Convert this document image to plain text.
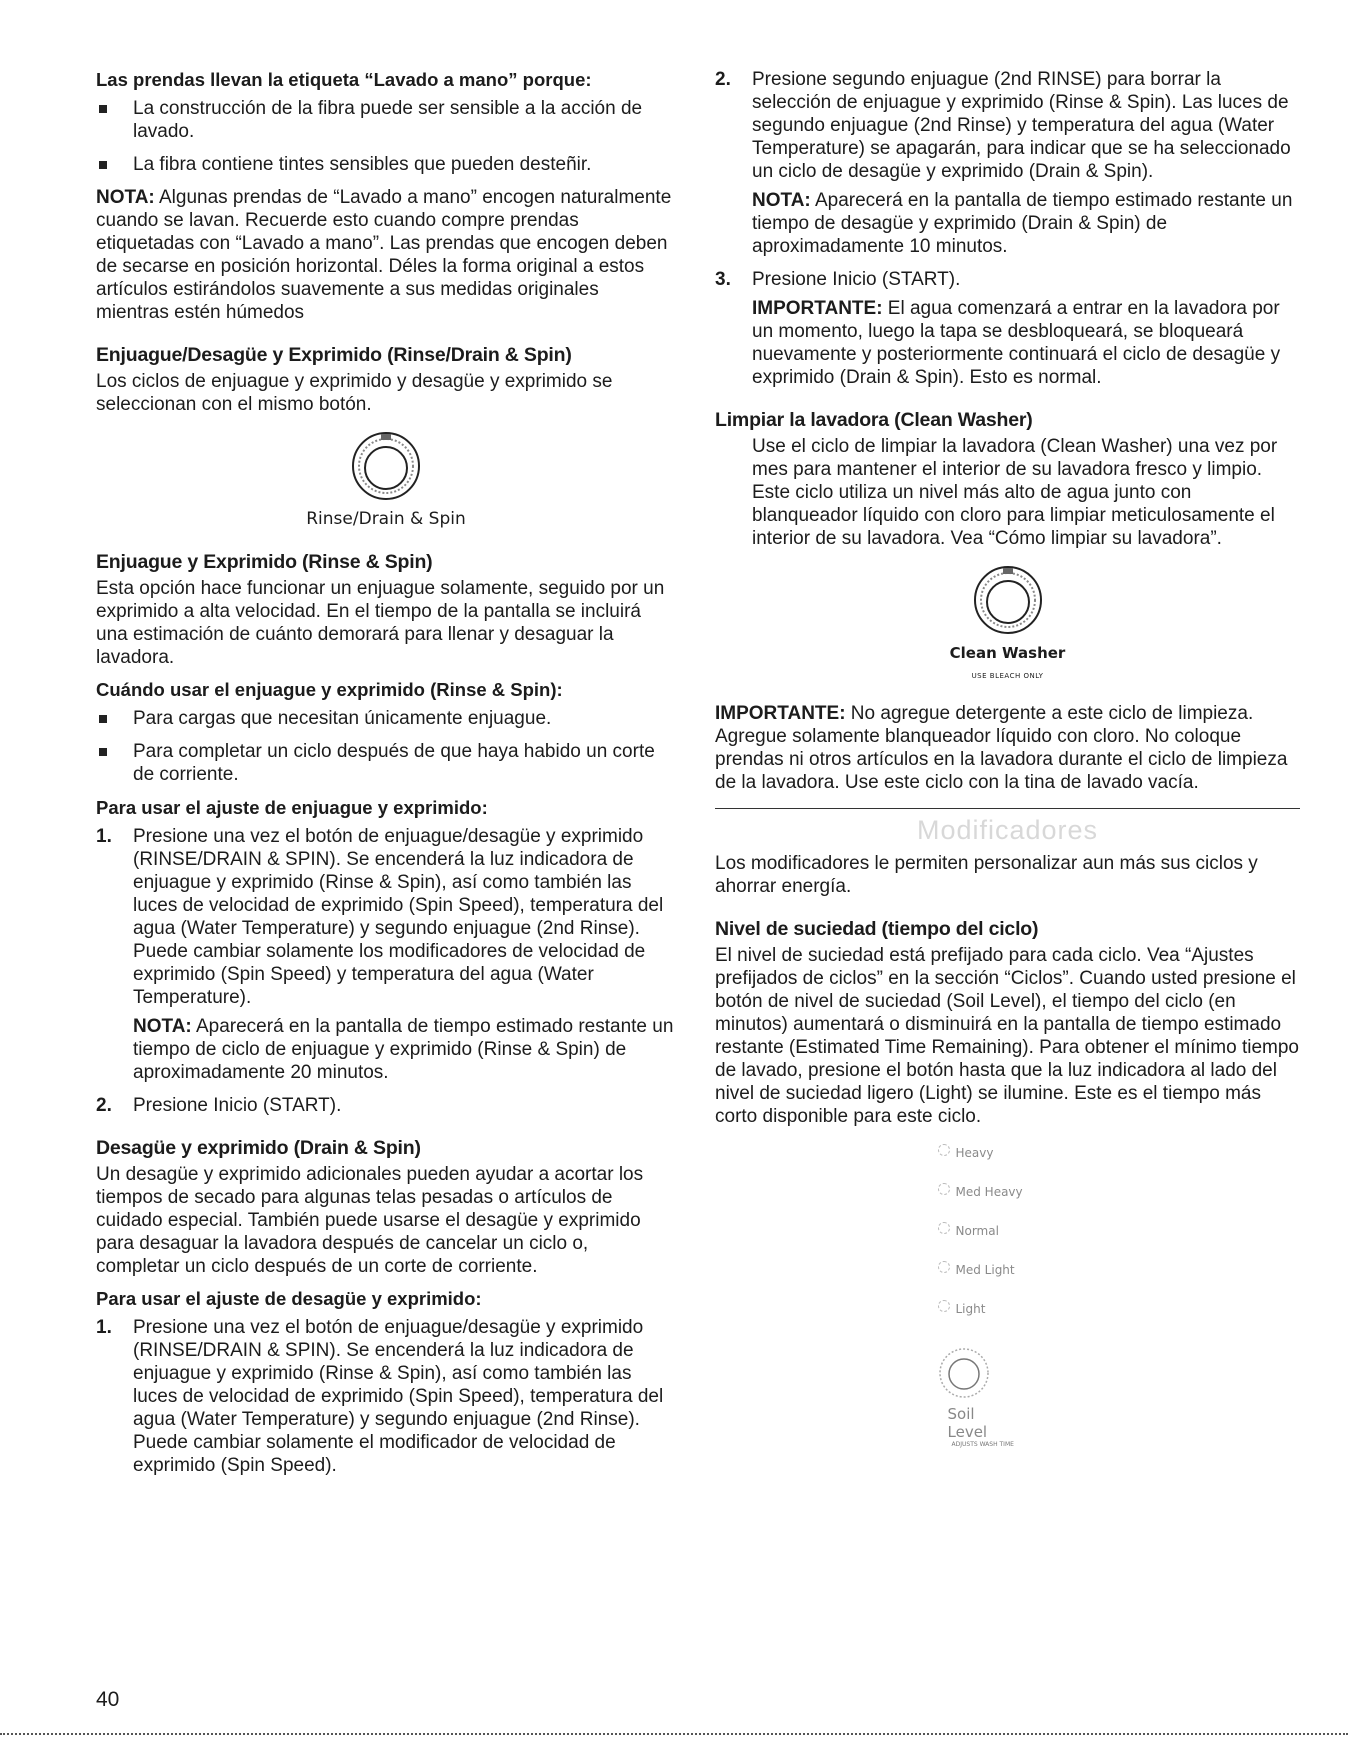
Las prendas llevan la etiqueta “Lavado a mano” porque:
La construcción de la fibra puede ser sensible a la acción de lavado.
La fibra contiene tintes sensibles que pueden desteñir.

NOTA: Algunas prendas de “Lavado a mano” encogen naturalmente cuando se lavan. Recuerde esto cuando compre prendas etiquetadas con “Lavado a mano”. Las prendas que encogen deben de secarse en posición horizontal. Déles la forma original a estos artículos estirándolos suavemente a sus medidas originales mientras estén húmedos

Enjuague/Desagüe y Exprimido (Rinse/Drain & Spin)

Los ciclos de enjuague y exprimido y desagüe y exprimido se seleccionan con el mismo botón.

Rinse/Drain & Spin
Enjuague y Exprimido (Rinse & Spin)

Esta opción hace funcionar un enjuague solamente, seguido por un exprimido a alta velocidad. En el tiempo de la pantalla se incluirá una estimación de cuánto demorará para llenar y desaguar la lavadora.

Cuándo usar el enjuague y exprimido (Rinse & Spin):
Para cargas que necesitan únicamente enjuague.
Para completar un ciclo después de que haya habido un corte de corriente.
Para usar el ajuste de enjuague y exprimido:
1. Presione una vez el botón de enjuague/desagüe y exprimido (RINSE/DRAIN & SPIN). Se encenderá la luz indicadora de enjuague y exprimido (Rinse & Spin), así como también las luces de velocidad de exprimido (Spin Speed), temperatura del agua (Water Temperature) y segundo enjuague (2nd Rinse). Puede cambiar solamente los modificadores de velocidad de exprimido (Spin Speed) y temperatura del agua (Water Temperature).

NOTA: Aparecerá en la pantalla de tiempo estimado restante un tiempo de ciclo de enjuague y exprimido (Rinse & Spin) de aproximadamente 20 minutos.

2. Presione Inicio (START).
Desagüe y exprimido (Drain & Spin)

Un desagüe y exprimido adicionales pueden ayudar a acortar los tiempos de secado para algunas telas pesadas o artículos de cuidado especial. También puede usarse el desagüe y exprimido para desaguar la lavadora después de cancelar un ciclo o, completar un ciclo después de un corte de corriente.

Para usar el ajuste de desagüe y exprimido:
1. Presione una vez el botón de enjuague/desagüe y exprimido (RINSE/DRAIN & SPIN). Se encenderá la luz indicadora de enjuague y exprimido (Rinse & Spin), así como también las luces de velocidad de exprimido (Spin Speed), temperatura del agua (Water Temperature) y segundo enjuague (2nd Rinse). Puede cambiar solamente el modificador de velocidad de exprimido (Spin Speed).
2. Presione segundo enjuague (2nd RINSE) para borrar la selección de enjuague y exprimido (Rinse & Spin). Las luces de segundo enjuague (2nd Rinse) y temperatura del agua (Water Temperature) se apagarán, para indicar que se ha seleccionado un ciclo de desagüe y exprimido (Drain & Spin).

NOTA: Aparecerá en la pantalla de tiempo estimado restante un tiempo de desagüe y exprimido (Drain & Spin) de aproximadamente 10 minutos.

3. Presione Inicio (START).

IMPORTANTE: El agua comenzará a entrar en la lavadora por un momento, luego la tapa se desbloqueará, se bloqueará nuevamente y posteriormente continuará el ciclo de desagüe y exprimido (Drain & Spin). Esto es normal.

Limpiar la lavadora (Clean Washer)

Use el ciclo de limpiar la lavadora (Clean Washer) una vez por mes para mantener el interior de su lavadora fresco y limpio. Este ciclo utiliza un nivel más alto de agua junto con blanqueador líquido con cloro para limpiar meticulosamente el interior de su lavadora. Vea “Cómo limpiar su lavadora”.

Clean Washer
USE BLEACH ONLY

IMPORTANTE: No agregue detergente a este ciclo de limpieza. Agregue solamente blanqueador líquido con cloro. No coloque prendas ni otros artículos en la lavadora durante el ciclo de limpieza de la lavadora. Use este ciclo con la tina de lavado vacía.

Modificadores

Los modificadores le permiten personalizar aun más sus ciclos y ahorrar energía.

Nivel de suciedad (tiempo del ciclo)

El nivel de suciedad está prefijado para cada ciclo. Vea “Ajustes prefijados de ciclos” en la sección “Ciclos”. Cuando usted presione el botón de nivel de suciedad (Soil Level), el tiempo del ciclo (en minutos) aumentará o disminuirá en la pantalla de tiempo estimado restante (Estimated Time Remaining). Para obtener el mínimo tiempo de lavado, presione el botón hasta que la luz indicadora al lado del nivel de suciedad ligero (Light) se ilumine. Este es el tiempo más corto disponible para este ciclo.

Heavy
Med Heavy
Normal
Med Light
Light
Soil
Level
ADJUSTS WASH TIME
40
